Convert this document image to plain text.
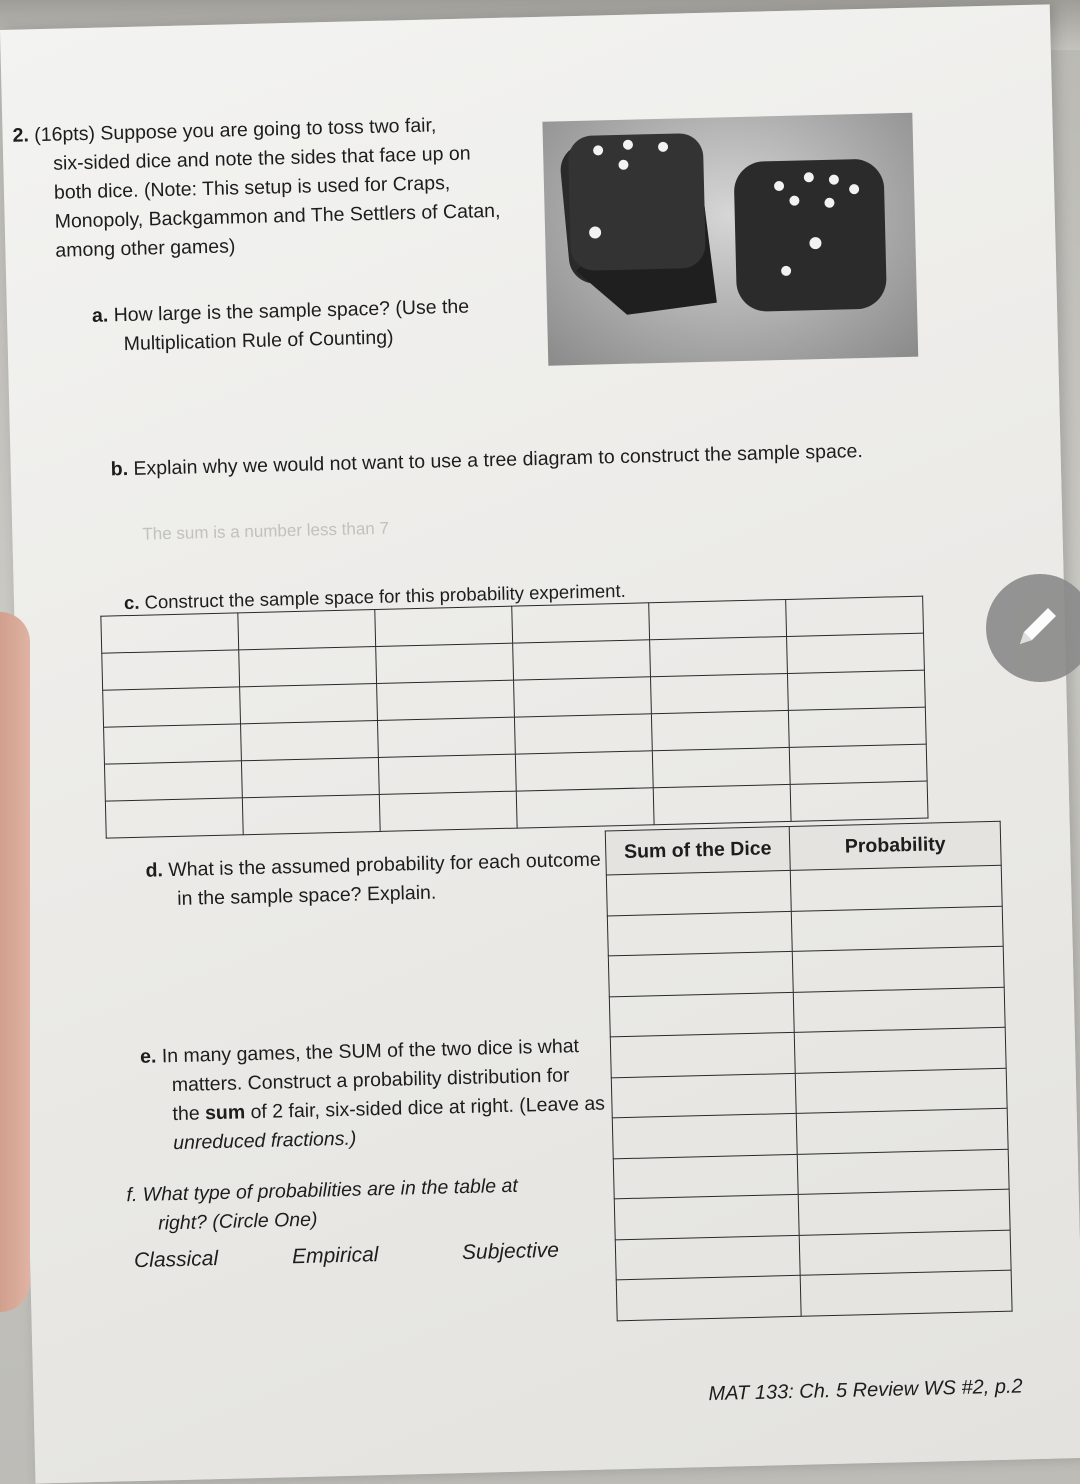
2. (16pts) Suppose you are going to toss two fair,
six-sided dice and note the sides that face up on
both dice. (Note: This setup is used for Craps,
Monopoly, Backgammon and The Settlers of Catan,
among other games)
a. How large is the sample space? (Use the
Multiplication Rule of Counting)
b. Explain why we would not want to use a tree diagram to construct the sample space.
The sum is a number less than 7
c. Construct the sample space for this probability experiment.

d. What is the assumed probability for each outcome
in the sample space? Explain.
e. In many games, the SUM of the two dice is what
matters. Construct a probability distribution for
the sum of 2 fair, six-sided dice at right. (Leave as
unreduced fractions.)
f. What type of probabilities are in the table at
right? (Circle One)
Classical	Empirical	Subjective
Sum of the Dice	Probability

MAT 133: Ch. 5 Review WS #2, p.2
